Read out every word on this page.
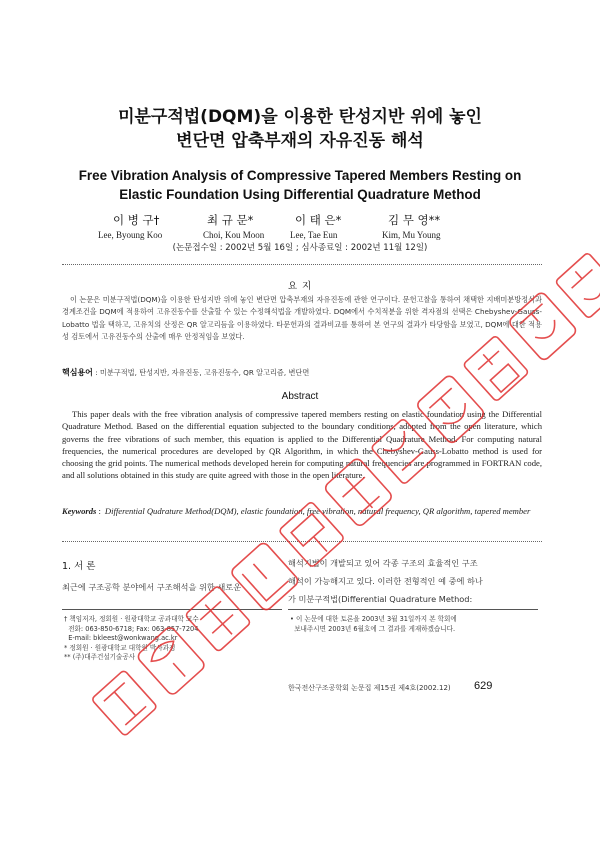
미분구적법(DQM)을 이용한 탄성지반 위에 놓인
변단면 압축부재의 자유진동 해석
Free Vibration Analysis of Compressive Tapered Members Resting on
Elastic Foundation Using Differential Quadrature Method
이 병 구†	최 규 문*	이 태 은*	김 무 영**
Lee, Byoung Koo	Choi, Kou Moon	Lee, Tae Eun	Kim, Mu Young
(논문접수일 : 2002년 5월 16일 ; 심사종료일 : 2002년 11월 12일)
요 지
이 논문은 미분구적법(DQM)을 이용한 탄성지반 위에 놓인 변단면 압축부재의 자유진동에 관한 연구이다. 문헌고찰을 통하여 채택한 지배미분방정식과 경계조건을 DQM에 적용하여 고유진동수를 산출할 수 있는 수정해석법을 개발하였다. DQM에서 수치적분을 위한 격자점의 선택은 Chebyshev-Gauss-Lobatto 법을 택하고, 고유치의 산정은 QR 알고리듬을 이용하였다. 타문헌과의 결과비교를 통하여 본 연구의 결과가 타당함을 보였고, DQM에 대한 적용성 검토에서 고유진동수의 산출에 매우 안정적임을 보였다.
핵심용어 : 미분구적법, 탄성지반, 자유진동, 고유진동수, QR 알고리즘, 변단면
Abstract
This paper deals with the free vibration analysis of compressive tapered members resting on elastic foundation using the Differential Quadrature Method. Based on the differential equation subjected to the boundary conditions, adopted from the open literature, which governs the free vibrations of such member, this equation is applied to the Differential Quadrature Method. For computing natural frequencies, the numerical procedures are developed by QR Algorithm, in which the Chebyshev-Gauss-Lobatto method is used for choosing the grid points. The numerical methods developed herein for computing natural frequencies are programmed in FORTRAN code, and all solutions obtained in this study are quite agreed with those in the open literature.
Keywords :	Differential Qudrature Method(DQM), elastic foundation, free vibration, natural frequency, QR algorithm, tapered member
1. 서 론
최근에 구조공학 분야에서 구조해석을 위한 새로운
해석기법이 개발되고 있어 각종 구조의 효율적인 구조
해석이 가능해지고 있다. 이러한 전형적인 예 중에 하나
가 미분구적법(Differential Quadrature Method:
† 책임저자, 정회원 · 원광대학교 공과대학 교수
전화: 063-850-6718; Fax: 063-857-7204
E-mail: bkleest@wonkwang.ac.kr
* 정회원 · 원광대학교 대학원 박사과정
** (주)대주건설기술공사
• 이 논문에 대한 토론을 2003년 3월 31일까지 본 학회에
보내주시면 2003년 6월호에 그 결과를 게재하겠습니다.
한국전산구조공학회 논문집 제15권 제4호(2002.12) 629
